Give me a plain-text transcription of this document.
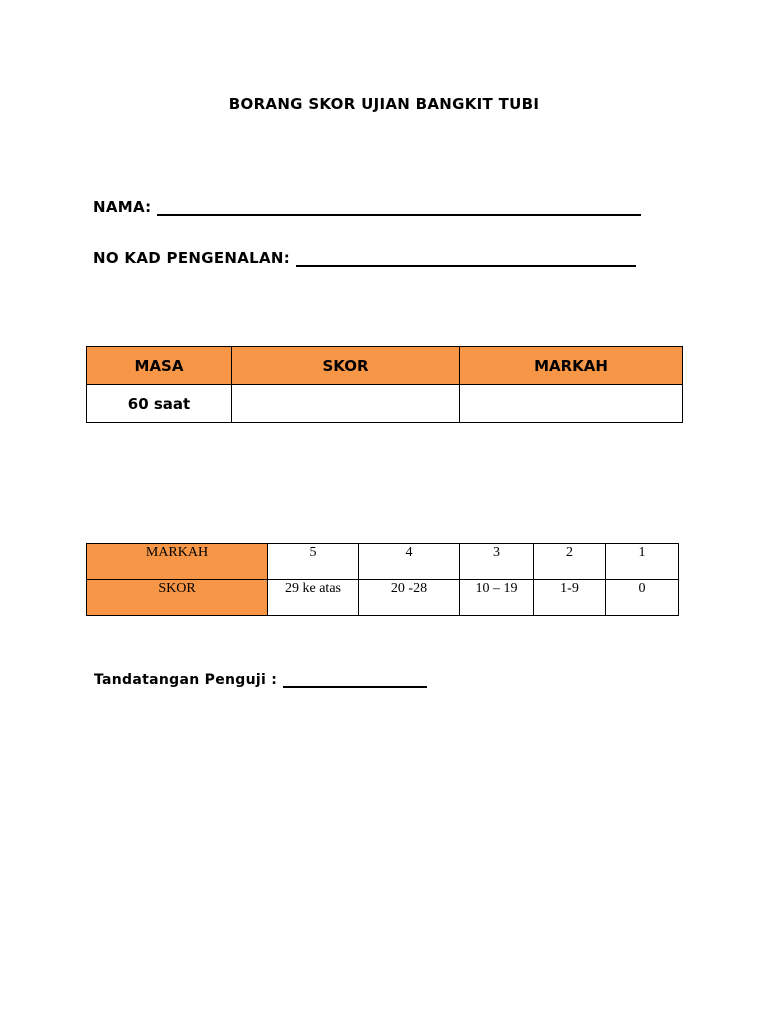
BORANG SKOR UJIAN BANGKIT TUBI
NAMA:
NO KAD PENGENALAN:
MASA	SKOR	MARKAH
60 saat		
MARKAH	5	4	3	2	1
SKOR	29 ke atas	20 -28	10 – 19	1-9	0
Tandatangan Penguji :
